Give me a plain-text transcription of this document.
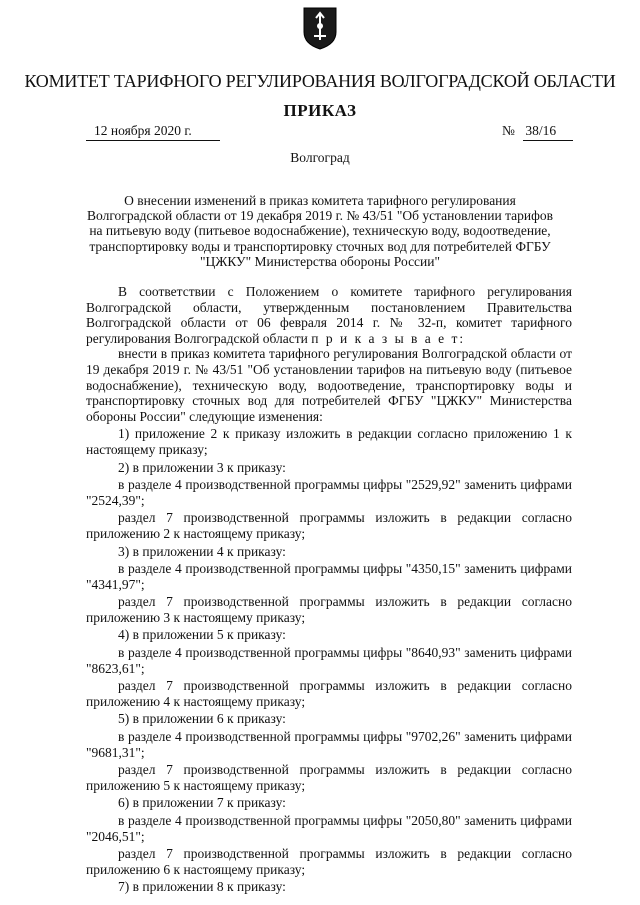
КОМИТЕТ ТАРИФНОГО РЕГУЛИРОВАНИЯ ВОЛГОГРАДСКОЙ ОБЛАСТИ
ПРИКАЗ
12 ноября 2020 г.	№ 38/16
Волгоград
О внесении изменений в приказ комитета тарифного регулирования Волгоградской области от 19 декабря 2019 г. № 43/51 "Об установлении тарифов на питьевую воду (питьевое водоснабжение), техническую воду, водоотведение, транспортировку воды и транспортировку сточных вод для потребителей ФГБУ "ЦЖКУ" Министерства обороны России"

В соответствии с Положением о комитете тарифного регулирования Волгоградской области, утвержденным постановлением Правительства Волгоградской области от 06 февраля 2014 г. № 32-п, комитет тарифного регулирования Волгоградской области п р и к а з ы в а е т:

внести в приказ комитета тарифного регулирования Волгоградской области от 19 декабря 2019 г. № 43/51 "Об установлении тарифов на питьевую воду (питьевое водоснабжение), техническую воду, водоотведение, транспортировку воды и транспортировку сточных вод для потребителей ФГБУ "ЦЖКУ" Министерства обороны России" следующие изменения:

1) приложение 2 к приказу изложить в редакции согласно приложению 1 к настоящему приказу;

2) в приложении 3 к приказу:

в разделе 4 производственной программы цифры "2529,92" заменить цифрами "2524,39";

раздел 7 производственной программы изложить в редакции согласно приложению 2 к настоящему приказу;

3) в приложении 4 к приказу:

в разделе 4 производственной программы цифры "4350,15" заменить цифрами "4341,97";

раздел 7 производственной программы изложить в редакции согласно приложению 3 к настоящему приказу;

4) в приложении 5 к приказу:

в разделе 4 производственной программы цифры "8640,93" заменить цифрами "8623,61";

раздел 7 производственной программы изложить в редакции согласно приложению 4 к настоящему приказу;

5) в приложении 6 к приказу:

в разделе 4 производственной программы цифры "9702,26" заменить цифрами "9681,31";

раздел 7 производственной программы изложить в редакции согласно приложению 5 к настоящему приказу;

6) в приложении 7 к приказу:

в разделе 4 производственной программы цифры "2050,80" заменить цифрами "2046,51";

раздел 7 производственной программы изложить в редакции согласно приложению 6 к настоящему приказу;

7) в приложении 8 к приказу:
